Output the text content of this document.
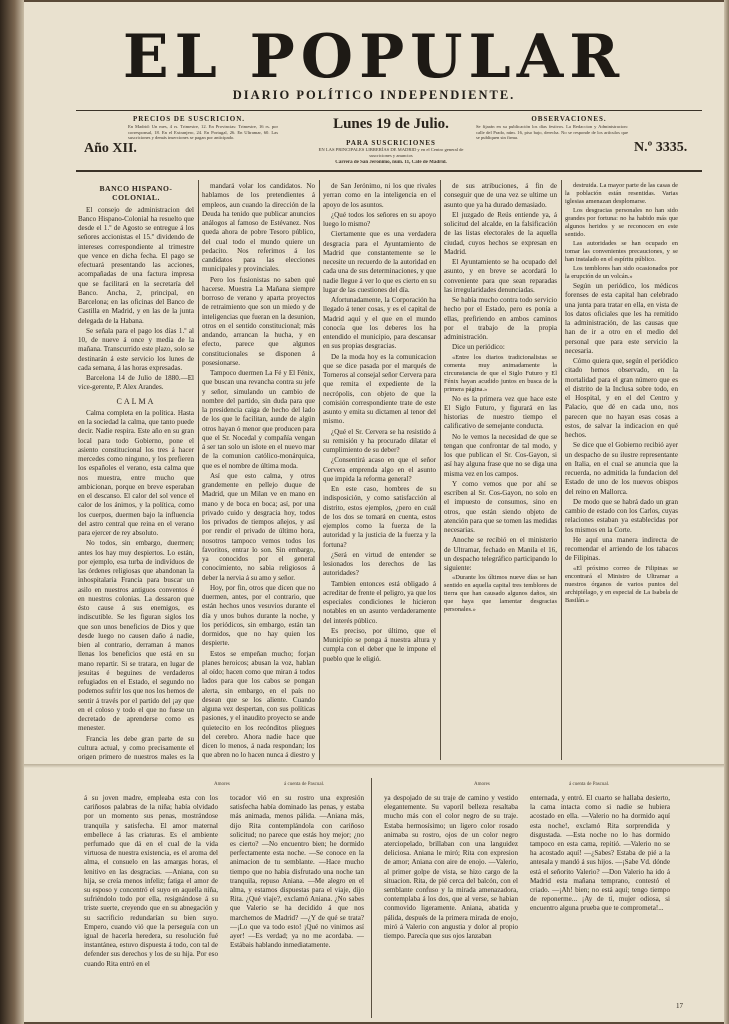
EL POPULAR
DIARIO POLÍTICO INDEPENDIENTE.
PRECIOS DE SUSCRICION.
En Madrid: Un mes, 4 rs. Trimestre, 12. En Provincias: Trimestre, 16 rs. por corresponsal, 18. En el Extranjero, 24. En Portugal, 26. En Ultramar, 60. Las suscriciones y demás inserciones se pagan por anticipado.
Año XII.
Lunes 19 de Julio.
PARA SUSCRICIONES
EN LAS PRINCIPALES LIBRERÍAS DE MADRID y en el Centro general de suscriciones y anuncios
Carrera de San Jerónimo, núm. 11, Café de Madrid.
OBSERVACIONES.
Se fijarán en su publicación los días festivos. La Redaccion y Administracion: calle del Prado, núm. 16, piso bajo, derecha. No se responde de los artículos que se publiquen sin firma.
N.º 3335.
BANCO HISPANO-COLONIAL.

El consejo de administracion del Banco Hispano-Colonial ha resuelto que desde el 1.º de Agosto se entregue á los señores accionistas el 15.º dividendo de intereses correspondiente al trimestre que vence en dicha fecha. El pago se efectuará presentando las acciones, acompañadas de una factura impresa que se facilitará en la secretaría del Banco. Ancha, 2, principal, en Barcelona; en las oficinas del Banco de Castilla en Madrid, y en las de la junta delegada de la Habana.

Se señala para el pago los días 1.º al 10, de nueve á once y media de la mañana. Transcurrido este plazo, solo se destinarán á este servicio los lunes de cada semana, á las horas expresadas.

Barcelona 14 de Julio de 1880.—El vice-gerente, P. Alex Arandes.

CALMA

Calma completa en la política. Hasta en la sociedad la calma, que tanto puede decir. Nadie respira. Este año en su gran local para todo Gobierno, pone el asiento constitucional los tres á hacer mercedes como ninguno, y los prefieren los españoles el verano, esta calma que nos muestra, entre mucho que ambicionan, porque en breve esperaban en el descanso. El calor del sol vence el calor de los ánimos, y la política, como los cuerpos, duermen bajo la influencia del astro central que reina en el verano para ejercer de rey absoluto.

No todos, sin embargo, duermen; antes los hay muy despiertos. Lo están, por ejemplo, esa turba de indivíduos de las órdenes religiosas que abandonan la inhospitalaria Francia para buscar un asilo en nuestros antiguos conventos é en nuestros colonias. La dessaron que ésto cause á sus enemigos, es indiscutible. Se les figuran siglos los que son unos beneficios de Dios y que desde luego no causen daño á nadie, bien al contrario, derraman á manos llenas los beneficios que está en su mano repartir. Si se tratara, en lugar de jesuitas é beguines de verdaderos refugiados en el Estado, el segundo no podemos sufrir los que nos los hemos de sentir á través por el partido del ¡ay que en el coloso y todo el que no fuese un decretado de aprenderse como es menester.

Francia les debe gran parte de su cultura actual, y como precisamente el origen primero de nuestros males es la

mandará volar los candidatos. No hablamos de los pretendientes á empleos, aun cuando la dirección de la Deuda ha tenido que publicar anuncios análogos al famoso de Estévanez. Nos queda ahora de pobre Tesoro público, del cual todo el mundo quiere un pedacito. Nos referimos á los candidatos para las elecciones municipales y provinciales.

Pero los fusionistas no saben qué hacerse. Muestra La Mañana siempre borroso de verano y aparta proyectos de retraimiento que son un miedo y de inteligencias que fueran en la desunion, otros en el sentido constitucional; más andando, arrancan la hucha, y en efecto, parece que algunos constitucionales se disponen á posesionarse.

Tampoco duermen La Fé y El Fénix, que buscan una revancha contra su jefe y señor, simulando un cambio de nombre del partido, sin duda para que la presidencia caiga de hecho del lado de los que le facilitan, aunde de algún otros hayan ó menor que producen para que el Sr. Nocedal y compañía vengan á ser tan solo un islote en el nuevo mar de la comunion católico-monárquica, que es el nombre de última moda.

Así que esto calma, y otros grandemente en pellejo duque de Madrid, que un Milan ve en mano en mano y de boca en boca; así, por una privado cuido y desgracia hoy, todos los privados de tiempos añejos, y así por rendir el privado de último hora, nosotros tampoco vemos todos los favoritos, entrar lo son. Sin embargo, ya conocidos por el general conocimiento, no sabia religiosos á deber la nervia á su amo y señor.

Hoy, por fin, otros que dicen que no duermen, antes, por el contrario, que están hechos unos vesuvios durante el día y unos buhos durante la noche, y los periódicos, sin embargo, están tan dormidos, que no hay quien los despierte.

Estos se empeñan mucho; forjan planes heroicos; abusan la voz, hablan al oído; hacen como que miran á todos lados para que los cabos se pongan alerta, sin embargo, en el país no desean que se los aliente. Cuando alguna vez despertan, con sus políticas pasiones, y el inaudito proyecto se ande quietecito en los recónditos pliegues del cerebro. Ahora nadie hace que dicen lo menos, á nada respondan; los que abren no lo hacen nunca á diestro y

de San Jerónimo, ni los que rivales yerran como en la inteligencia en el apoyo de los asuntos.

¿Qué todos los señores en su apoyo luego lo mismo?

Ciertamente que es una verdadera desgracia para el Ayuntamiento de Madrid que constantemente se le necesite un recuerdo de la autoridad en cada una de sus determinaciones, y que nadie llegue á ver lo que es cierto en su lugar de las cuestiones del día.

Afortunadamente, la Corporación ha llegado á tener cosas, y es el capital de Madrid aquí y el que en el mundo conocía que los deberes los ha entendido el municipio, para descansar en sus propias desgracias.

De la moda hoy es la comunicacion que se dice pasada por el marqués de Torneros al consejal señor Cervera para que remita el expediente de la necrópolis, con objeto de que la comisión correspondiente trate de este asunto y emita su dictamen al tenor del mismo.

¿Qué el Sr. Cervera se ha resistido á su remisión y ha procurado dilatar el cumplimiento de su deber?

¿Consentirá acaso en que el señor Cervera emprenda algo en el asunto que impida la reforma general?

En este caso, hombres de su indisposición, y como satisfacción al distrito, estos ejemplos, ¿pero en cuál de los dos se tomará en cuenta, estos ejemplos como la fuerza de la autoridad y la justicia de la fuerza y la fortuna?

¿Será en virtud de entender se lesionados los derechos de las autoridades?

Tambien entonces está obligado á acreditar de frente el peligro, ya que los especiales condiciones le hicieron notables en un asunto verdaderamente del interés público.

Es preciso, por último, que el Municipio se ponga á nuestra altura y cumpla con el deber que le impone el pueblo que le eligió.

de sus atribuciones, á fin de conseguir que de una vez se ultime un asunto que ya ha durado demasiado.

El juzgado de Reús entiende ya, á solicitud del alcalde, en la falsificación de las listas electorales de la aquella ciudad, cuyos hechos se expresan en Madrid.

El Ayuntamiento se ha ocupado del asunto, y en breve se acordará lo conveniente para que sean reparadas las irregularidades denunciadas.

Se había mucho contra todo servicio hecho por el Estado, pero es ponía a ellas, prefiriendo en ambos caminos por el trabajo de la propia administración.

Dice un periódico:

«Entre los diarios tradicionalistas se comenta muy animadamente la circunstancia de que el Siglo Futuro y El Fénix hayan acudido juntos en busca de la primera página.»

No es la primera vez que hace este El Siglo Futuro, y figurará en las historias de nuestro tiempo el calificativo de semejante conducta.

No le vemos la necesidad de que se tengan que confrontar de tal modo, y los que publican el Sr. Cos-Gayon, si así hay alguna frase que no se diga una misma vez en los campos.

Y como vemos que por ahí se escriben al Sr. Cos-Gayon, no solo en el impuesto de consumos, sino en otros, que están siendo objeto de atención para que se tomen las medidas necesarias.

Anoche se recibió en el ministerio de Ultramar, fechado en Manila el 16, un despacho telegráfico participando lo siguiente:

«Durante los últimos nueve días se han sentido en aquella capital tres temblores de tierra que han causado algunos daños, sin que haya que lamentar desgracias personales.»

destruida. La mayor parte de las casas de la población están resentidas. Varias iglesias amenazan desplomarse.

Los desgracias personales no han sido grandes por fortuna: no ha habido más que algunos heridos y se reconocen en este sentido.

Las autoridades se han ocupado en tomar las convenientes precauciones, y se han instalado en el espíritu público.

Los temblores han sido ocasionados por la erupción de un volcán.»

Según un periódico, los médicos forenses de esta capital han celebrado una junta para tratar en ella, en vista de los datos oficiales que les ha remitido la administración, de las causas que han de ir a otro en el medio del personal que para este servicio la necesaria.

Cómo quiera que, según el periódico citado hemos observado, en la mortalidad para el gran número que es el distrito de la Inclusa sobre todo, en el Hospital, y en el del Centro y Palacio, que dé en cada uno, nos parecen que no hayan esas cosas a estos, de salvar la indicacion en qué hechos.

Se dice que el Gobierno recibió ayer un despacho de su ilustre representante en Italia, en el cual se anuncia que la recuerda, no admitida la fundacion del Estado de uno de los nuevos obispos del reino en Mallorca.

De modo que se habrá dado un gran cambio de estado con los Carlos, cuyas relaciones estaban ya establecidas por los mismos en la Corte.

He aquí una manera indirecta de recomendar el arriendo de los tabacos de Filipinas.

«El próximo correo de Filipinas se encontrará el Ministro de Ultramar a nuestros órganos de varios puntos del archipiélago, y en especial de La Isabela de Basilán.»

Amores	á cuenta de Pascual.	Amores	á cuenta de Pascual.
á su joven madre, empleaba esta con los cariñosos palabras de la niña; había olvidado por un momento sus penas, mostrándose tranquila y satisfecha. El amor maternal embellece á las criaturas. Es el ambiente perfumado que dá en el cual de la vida virtuosa de nuestra existencia, es el aroma del alma, el consuelo en las amargas horas, el lenitivo en las desgracias. —Aniana, con su hija, se creía menos infeliz; fatiga el amor de su esposo y concentró el suyo en aquella niña, sufriéndolo todo por ella, resignándose á su triste suerte, creyendo que en su abnegación y su sacrificio redundarían su bien suyo. Empero, cuando vió que la perseguía con un igual de hacerla heredera, su resolución fué instantánea, estuvo dispuesta á todo, con tal de defender sus derechos y los de su hija. Por eso cuando Rita entró en el
tocador vió en su rostro una expresión satisfecha había dominado las penas, y estaba más animada, menos pálida. —Aniana más, dijo Rita contemplándola con cariñoso solicitud; no parece que estás hoy mejor; ¿no es cierto? —No encuentro bien; he dormido perfectamente esta noche. —Se conoce en la animacion de tu semblante. —Hace mucho tiempo que no habia disfrutado una noche tan tranquila, repuso Aniana. —Me alegro en el alma, y estamos dispuestas para el viaje, dijo Rita. ¿Qué viaje?, exclamó Aniana. ¿No sabes que Valerio se ha decidido á que nos marchemos de Madrid? —¿Y de qué se trata? —¡Lo que va todo esto! ¡Qué no vinimos así ayer! —Es verdad; ya no me acordaba. —Estábais hablando inmediatamente.
ya despojado de su traje de camino y vestido elegantemente. Su vaporil belleza resaltaba mucho más con el color negro de su traje. Estaba hermosísimo; un ligero color rosado animaba su rostro, ojos de un color negro aterciopelado, brillaban con una languidez deliciosa. Aniana le miró; Rita con expresion de amor; Aniana con aire de enojo. —Valerio, al primer golpe de vista, se hizo cargo de la situacion. Rita, de pié cerca del balcón, con el semblante confuso y la mirada amenazadora, contemplaba á los dos, que al verse, se habian conmovido ligeramente. Aniana, abatida y pálida, después de la primera mirada de enojo, miró á Valerio con angustia y dolor al propio tiempo. Parecía que sus ojos lanzaban
enternada, y entró. El cuarto se hallaba desierto, la cama intacta como si nadie se hubiera acostado en ella. —Valerio no ha dormido aquí esta noche!, exclamó Rita sorprendida y disgustada. —Esta noche no lo has dormido tampoco en esta cama, repitió. —Valerio no se ha acostado aquí! —¿Sabes? Estaba de pié a la antesala y mandó á sus hijos. —¡Sabe Vd. dónde está el señorito Valerio? —Don Valerio ha ido á Madrid esta mañana temprano, contestó el criado. —¡Ah! bien; no está aquí; tengo tiempo de reponerme... ¡Ay de tí, mujer odiosa, si encuentro alguna prueba que te comprometa!...
17
